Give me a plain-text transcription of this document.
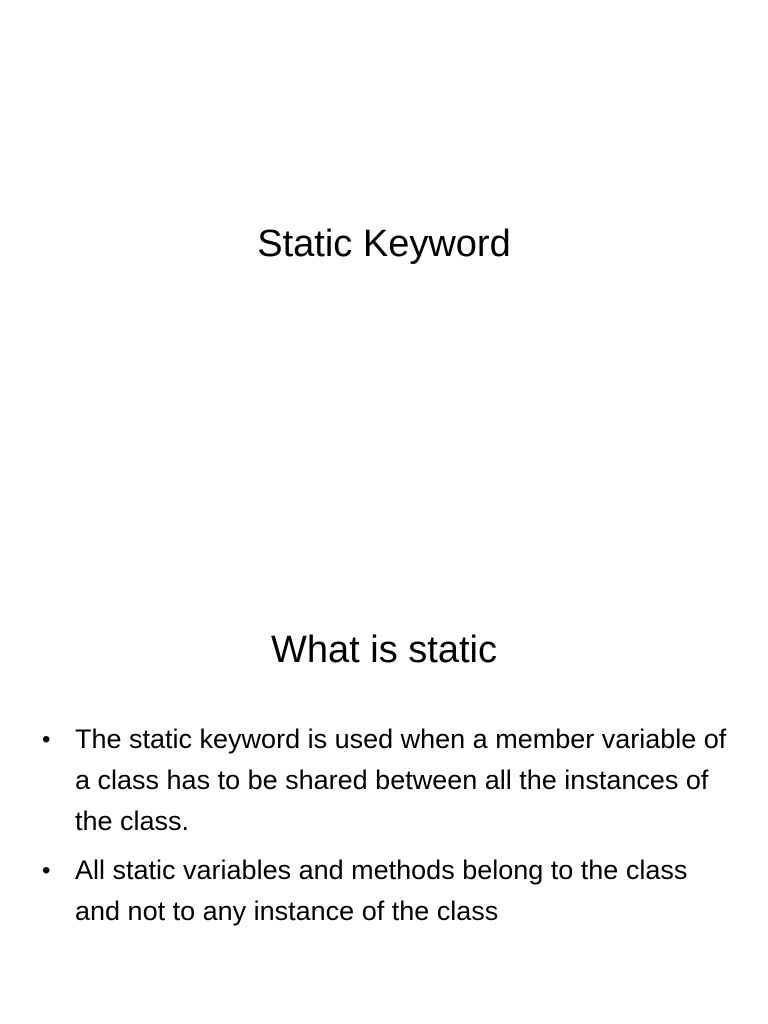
Static Keyword
What is static
• The static keyword is used when a member variable of a class has to be shared between all the instances of the class.
• All static variables and methods belong to the class and not to any instance of the class
